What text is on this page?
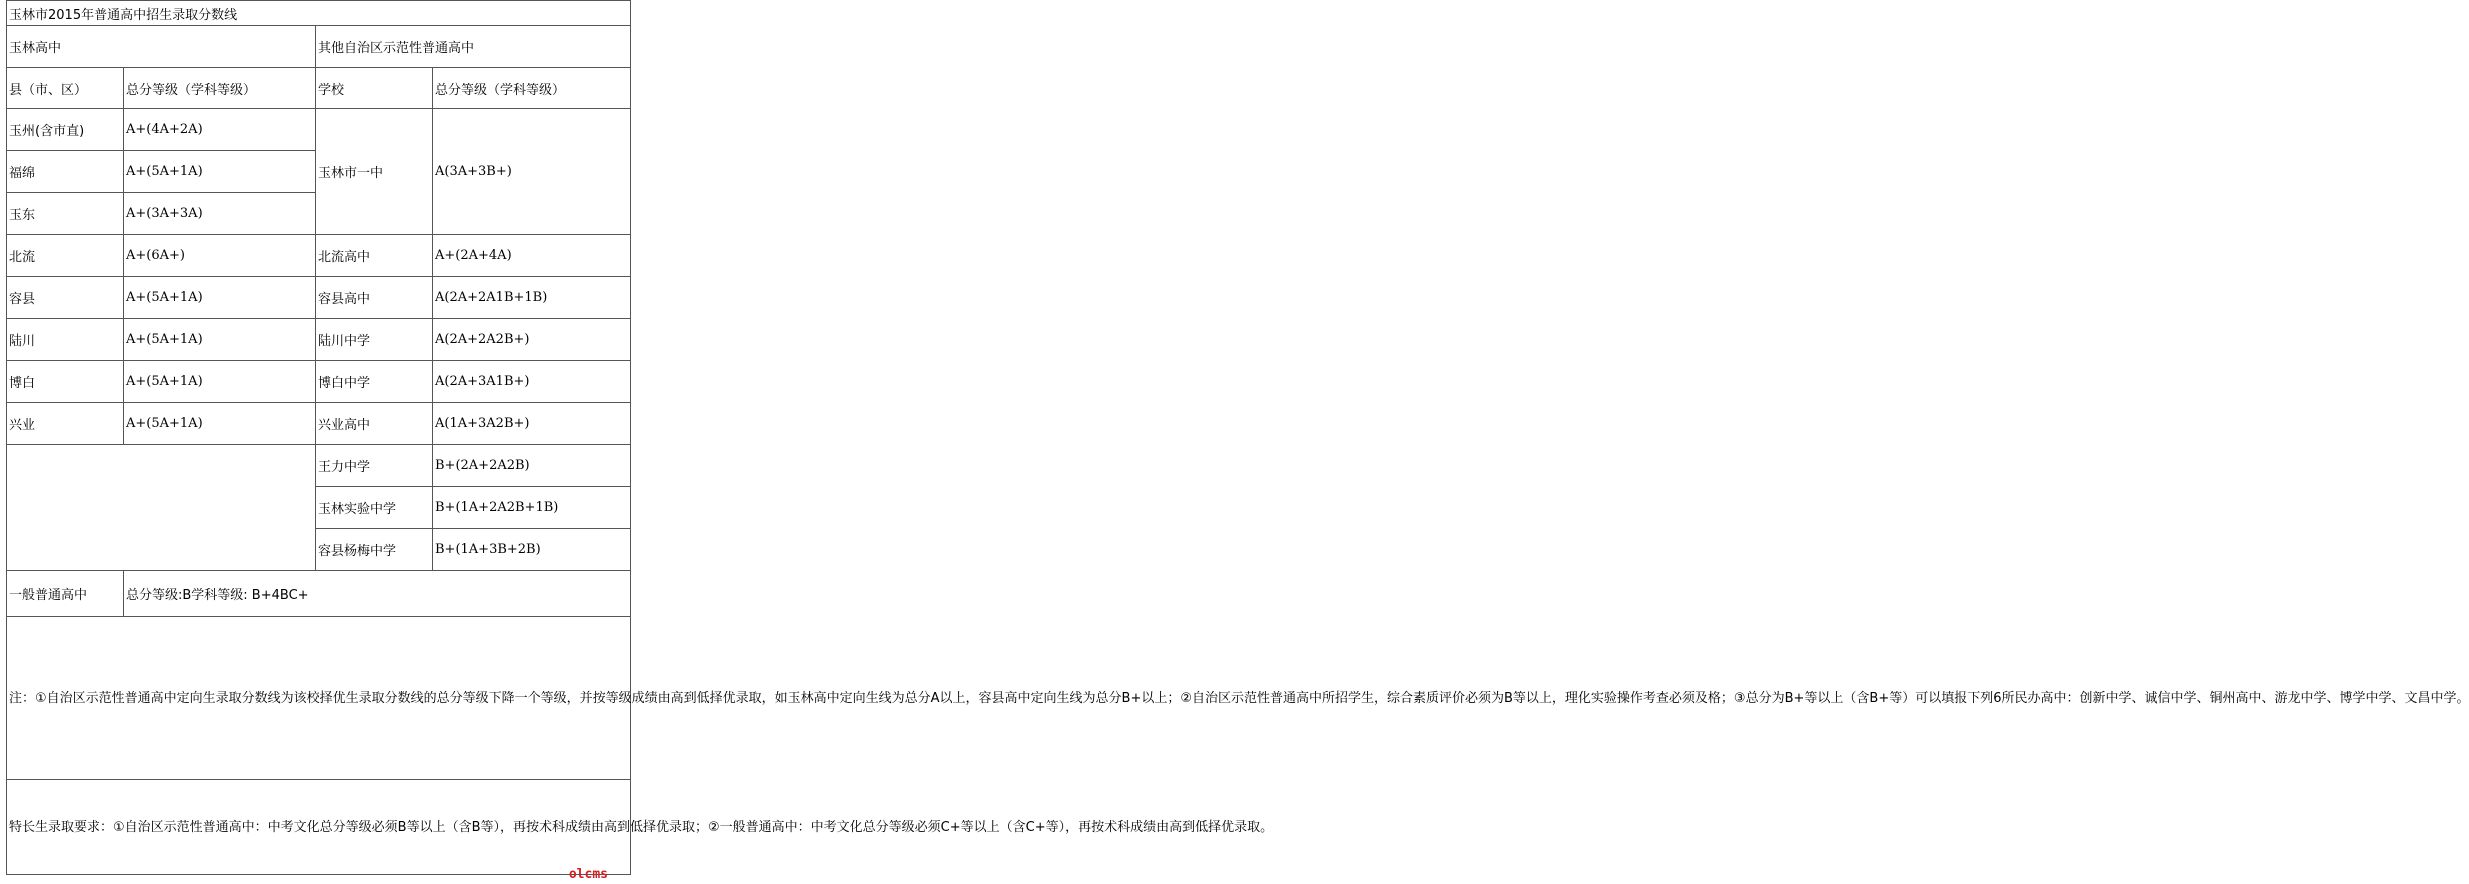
玉林市2015年普通高中招生录取分数线			
玉林高中		其他自治区示范性普通高中	
县（市、区）	总分等级（学科等级）	学校	总分等级（学科等级）
玉州(含市直)	A+(4A+2A)	玉林市一中	A(3A+3B+)
福绵	A+(5A+1A)		
玉东	A+(3A+3A)		
北流	A+(6A+)	北流高中	A+(2A+4A)
容县	A+(5A+1A)	容县高中	A(2A+2A1B+1B)
陆川	A+(5A+1A)	陆川中学	A(2A+2A2B+)
博白	A+(5A+1A)	博白中学	A(2A+3A1B+)
兴业	A+(5A+1A)	兴业高中	A(1A+3A2B+)
		王力中学	B+(2A+2A2B)
		玉林实验中学	B+(1A+2A2B+1B)
		容县杨梅中学	B+(1A+3B+2B)
一般普通高中	总分等级:B学科等级: B+4BC+		
注：①自治区示范性普通高中定向生录取分数线为该校择优生录取分数线的总分等级下降一个等级，并按等级成绩由高到低择优录取，如玉林高中定向生线为总分A以上，容县高中定向生线为总分B+以上；②自治区示范性普通高中所招学生，综合素质评价必须为B等以上，理化实验操作考查必须及格；③总分为B+等以上（含B+等）可以填报下列6所民办高中：创新中学、诚信中学、铜州高中、游龙中学、博学中学、文昌中学。			
特长生录取要求：①自治区示范性普通高中：中考文化总分等级必须B等以上（含B等），再按术科成绩由高到低择优录取；②一般普通高中：中考文化总分等级必须C+等以上（含C+等），再按术科成绩由高到低择优录取。			
olcms
